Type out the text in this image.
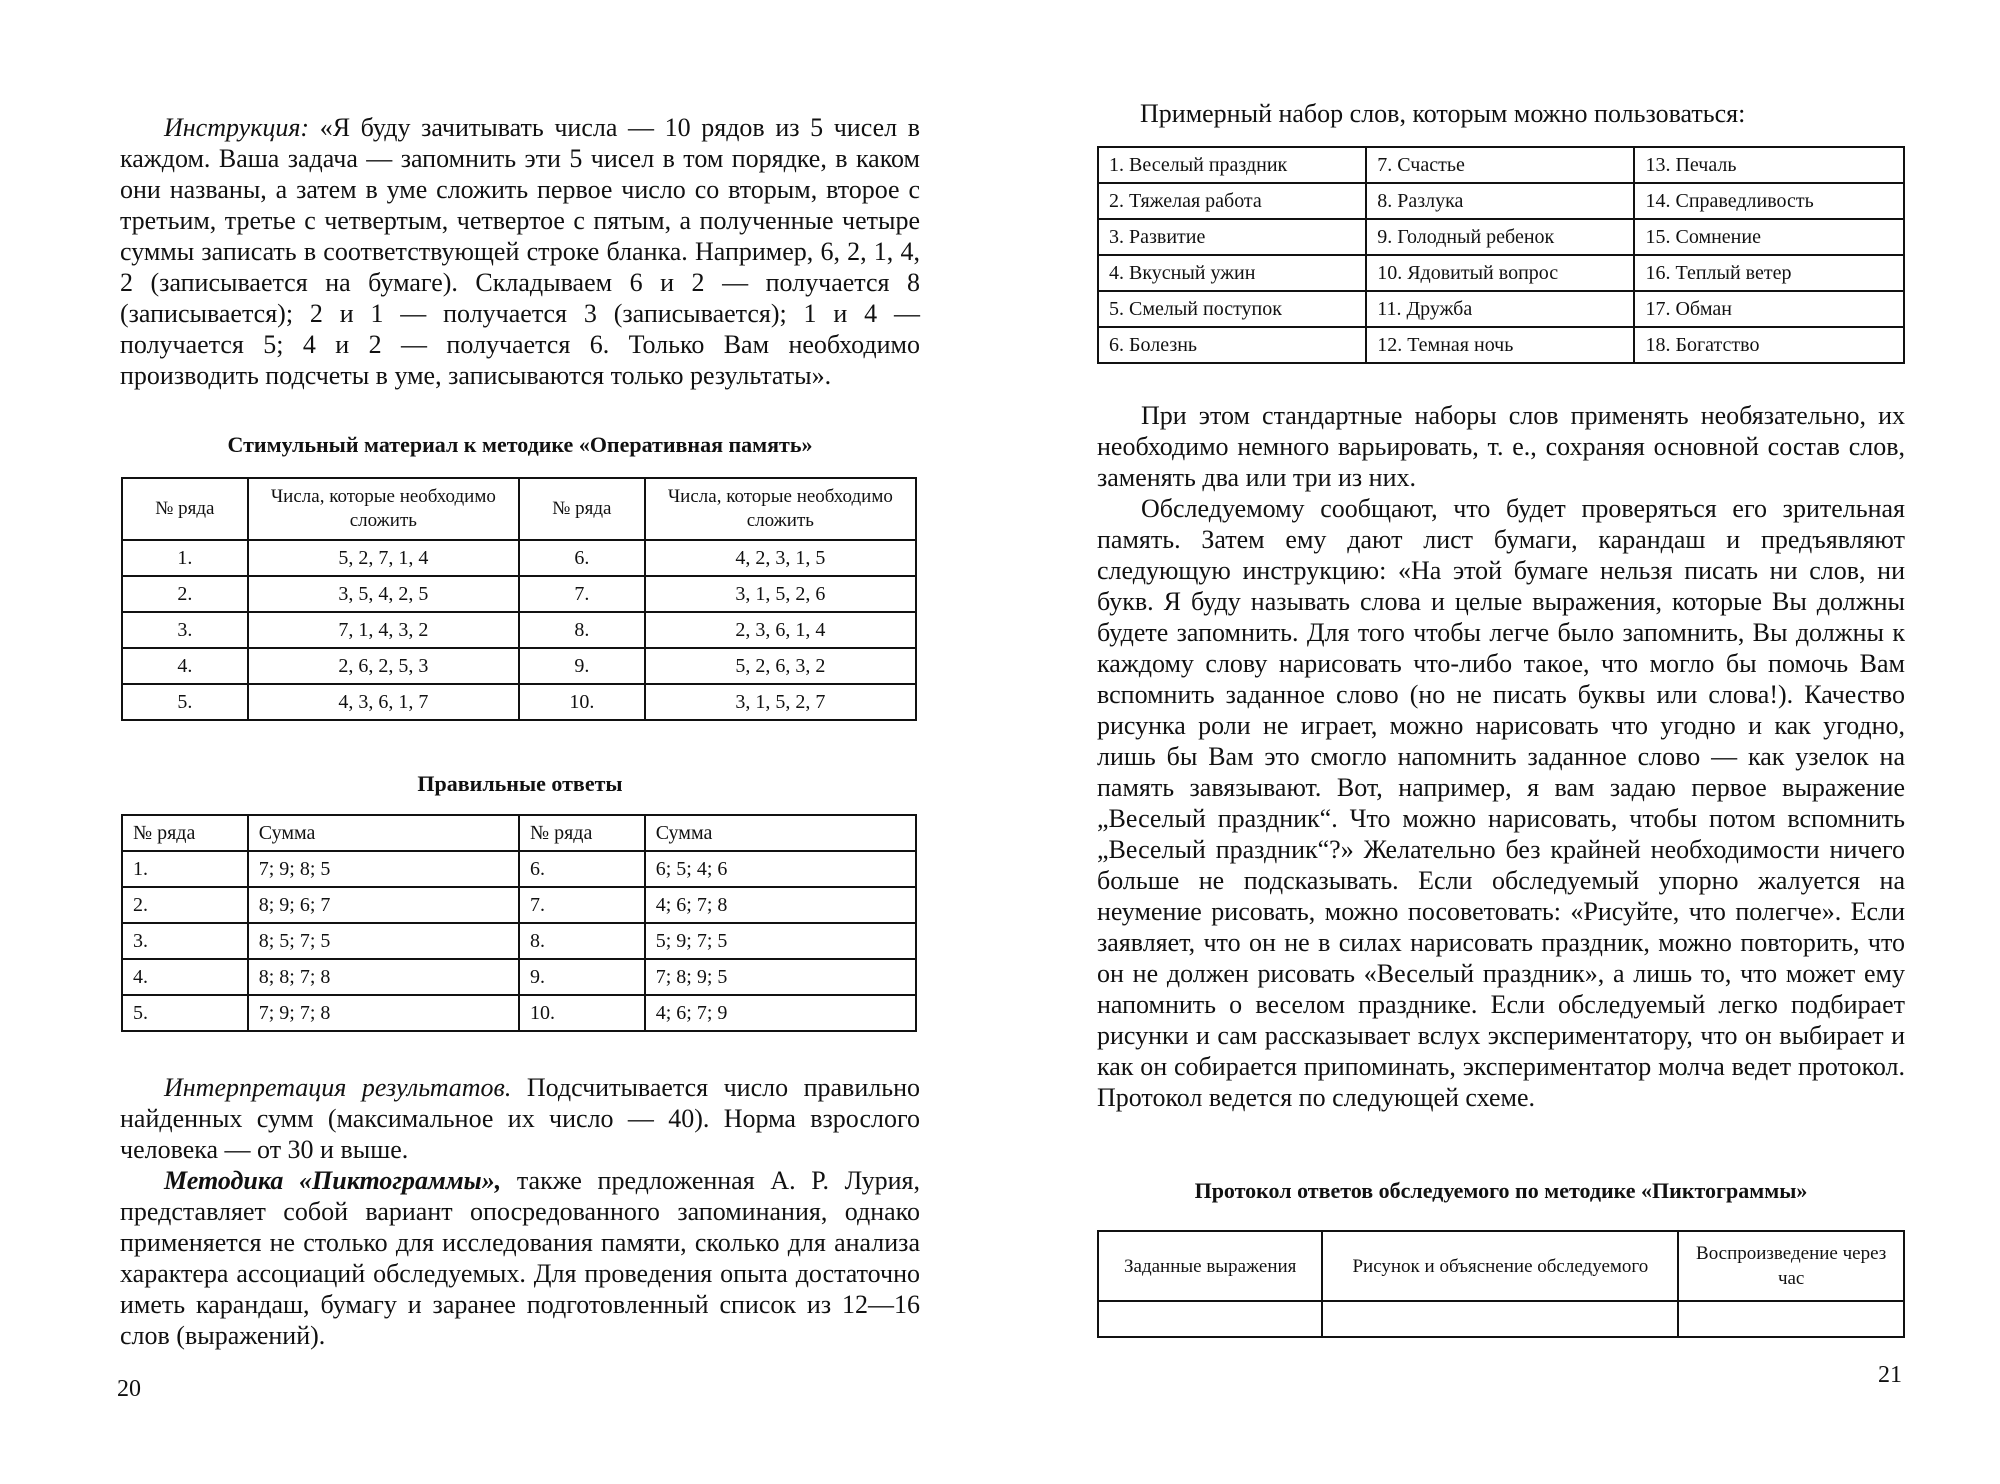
Инструкция: «Я буду зачитывать числа — 10 рядов из 5 чисел в каждом. Ваша задача — запомнить эти 5 чисел в том порядке, в каком они названы, а затем в уме сложить первое число со вторым, второе с третьим, третье с четвертым, четвертое с пятым, а полученные четыре суммы записать в соответствующей строке бланка. Например, 6, 2, 1, 4, 2 (записывается на бумаге). Складываем 6 и 2 — получается 8 (записывается); 2 и 1 — получается 3 (записывается); 1 и 4 — получается 5; 4 и 2 — получается 6. Только Вам необходимо производить подсчеты в уме, записываются только результаты».

Стимульный материал к методике «Оперативная память»
№ ряда	Числа, которые необходимо сложить	№ ряда	Числа, которые необходимо сложить
1.	5, 2, 7, 1, 4	6.	4, 2, 3, 1, 5
2.	3, 5, 4, 2, 5	7.	3, 1, 5, 2, 6
3.	7, 1, 4, 3, 2	8.	2, 3, 6, 1, 4
4.	2, 6, 2, 5, 3	9.	5, 2, 6, 3, 2
5.	4, 3, 6, 1, 7	10.	3, 1, 5, 2, 7
Правильные ответы
№ ряда	Сумма	№ ряда	Сумма
1.	7; 9; 8; 5	6.	6; 5; 4; 6
2.	8; 9; 6; 7	7.	4; 6; 7; 8
3.	8; 5; 7; 5	8.	5; 9; 7; 5
4.	8; 8; 7; 8	9.	7; 8; 9; 5
5.	7; 9; 7; 8	10.	4; 6; 7; 9

Интерпретация результатов. Подсчитывается число правильно найденных сумм (максимальное их число — 40). Норма взрослого человека — от 30 и выше.

Методика «Пиктограммы», также предложенная А. Р. Лурия, представляет собой вариант опосредованного запоминания, однако применяется не столько для исследования памяти, сколько для анализа характера ассоциаций обследуемых. Для проведения опыта достаточно иметь карандаш, бумагу и заранее подготовленный список из 12—16 слов (выражений).

20

Примерный набор слов, которым можно пользоваться:

1. Веселый праздник	7. Счастье	13. Печаль
2. Тяжелая работа	8. Разлука	14. Справедливость
3. Развитие	9. Голодный ребенок	15. Сомнение
4. Вкусный ужин	10. Ядовитый вопрос	16. Теплый ветер
5. Смелый поступок	11. Дружба	17. Обман
6. Болезнь	12. Темная ночь	18. Богатство

При этом стандартные наборы слов применять необязательно, их необходимо немного варьировать, т. е., сохраняя основной состав слов, заменять два или три из них.

Обследуемому сообщают, что будет проверяться его зрительная память. Затем ему дают лист бумаги, карандаш и предъявляют следующую инструкцию: «На этой бумаге нельзя писать ни слов, ни букв. Я буду называть слова и целые выражения, которые Вы должны будете запомнить. Для того чтобы легче было запомнить, Вы должны к каждому слову нарисовать что-либо такое, что могло бы помочь Вам вспомнить заданное слово (но не писать буквы или слова!). Качество рисунка роли не играет, можно нарисовать что угодно и как угодно, лишь бы Вам это смогло напомнить заданное слово — как узелок на память завязывают. Вот, например, я вам задаю первое выражение „Веселый праздник“. Что можно нарисовать, чтобы потом вспомнить „Веселый праздник“?» Желательно без крайней необходимости ничего больше не подсказывать. Если обследуемый упорно жалуется на неумение рисовать, можно посоветовать: «Рисуйте, что полегче». Если заявляет, что он не в силах нарисовать праздник, можно повторить, что он не должен рисовать «Веселый праздник», а лишь то, что может ему напомнить о веселом празднике. Если обследуемый легко подбирает рисунки и сам рассказывает вслух экспериментатору, что он выбирает и как он собирается припоминать, экспериментатор молча ведет протокол. Протокол ведется по следующей схеме.

Протокол ответов обследуемого по методике «Пиктограммы»
Заданные выражения	Рисунок и объяснение обследуемого	Воспроизведение через час

21
